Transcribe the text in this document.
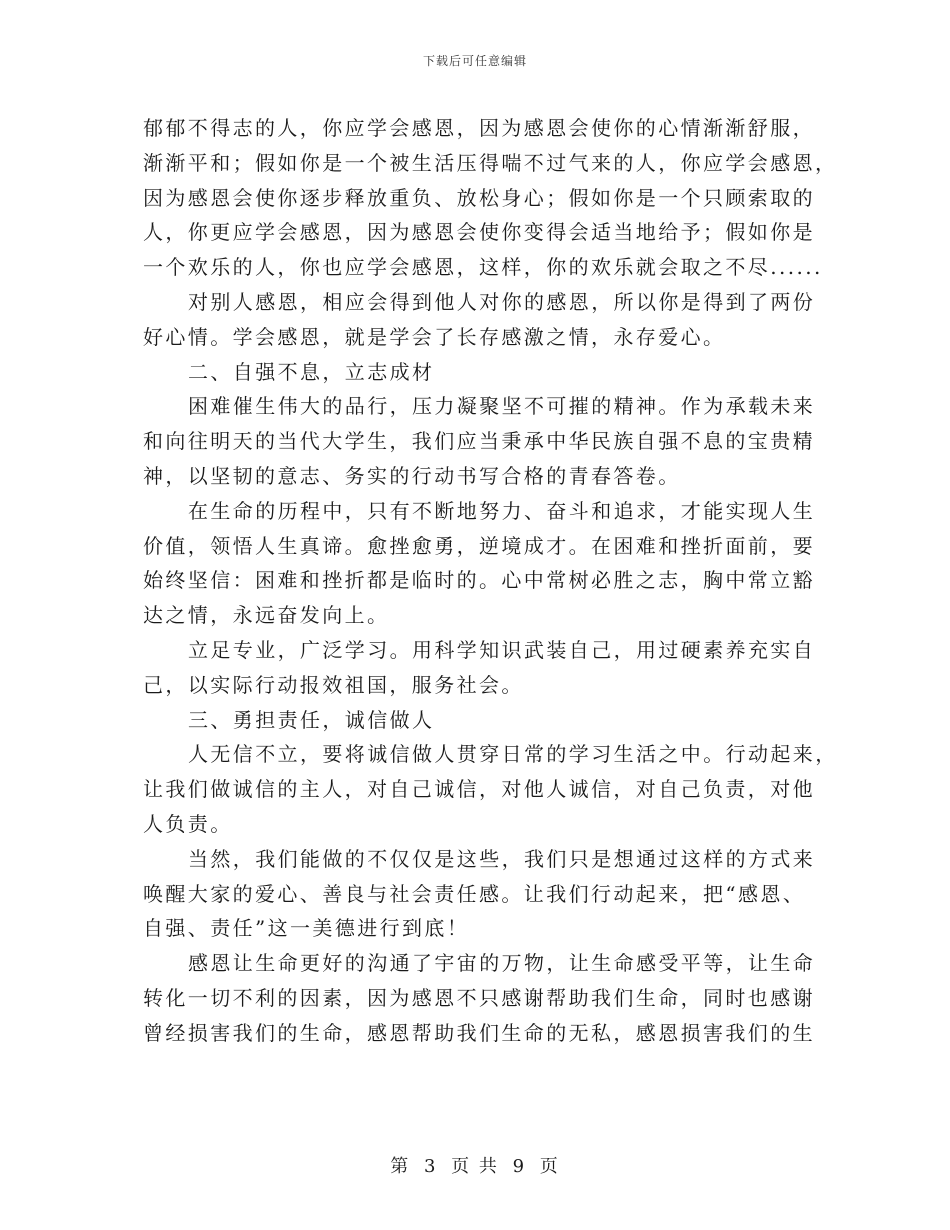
下载后可任意编辑
郁郁不得志的人，你应学会感恩，因为感恩会使你的心情渐渐舒服，
渐渐平和；假如你是一个被生活压得喘不过气来的人，你应学会感恩，
因为感恩会使你逐步释放重负、放松身心；假如你是一个只顾索取的
人，你更应学会感恩，因为感恩会使你变得会适当地给予；假如你是
一个欢乐的人，你也应学会感恩，这样，你的欢乐就会取之不尽......
对别人感恩，相应会得到他人对你的感恩，所以你是得到了两份
好心情。学会感恩，就是学会了长存感激之情，永存爱心。
二、自强不息，立志成材
困难催生伟大的品行，压力凝聚坚不可摧的精神。作为承载未来
和向往明天的当代大学生，我们应当秉承中华民族自强不息的宝贵精
神，以坚韧的意志、务实的行动书写合格的青春答卷。
在生命的历程中，只有不断地努力、奋斗和追求，才能实现人生
价值，领悟人生真谛。愈挫愈勇，逆境成才。在困难和挫折面前，要
始终坚信：困难和挫折都是临时的。心中常树必胜之志，胸中常立豁
达之情，永远奋发向上。
立足专业，广泛学习。用科学知识武装自己，用过硬素养充实自
己，以实际行动报效祖国，服务社会。
三、勇担责任，诚信做人
人无信不立，要将诚信做人贯穿日常的学习生活之中。行动起来，
让我们做诚信的主人，对自己诚信，对他人诚信，对自己负责，对他
人负责。
当然，我们能做的不仅仅是这些，我们只是想通过这样的方式来
唤醒大家的爱心、善良与社会责任感。让我们行动起来，把“感恩、
自强、责任”这一美德进行到底！
感恩让生命更好的沟通了宇宙的万物，让生命感受平等，让生命
转化一切不利的因素，因为感恩不只感谢帮助我们生命，同时也感谢
曾经损害我们的生命，感恩帮助我们生命的无私，感恩损害我们的生
第 3 页 共 9 页
